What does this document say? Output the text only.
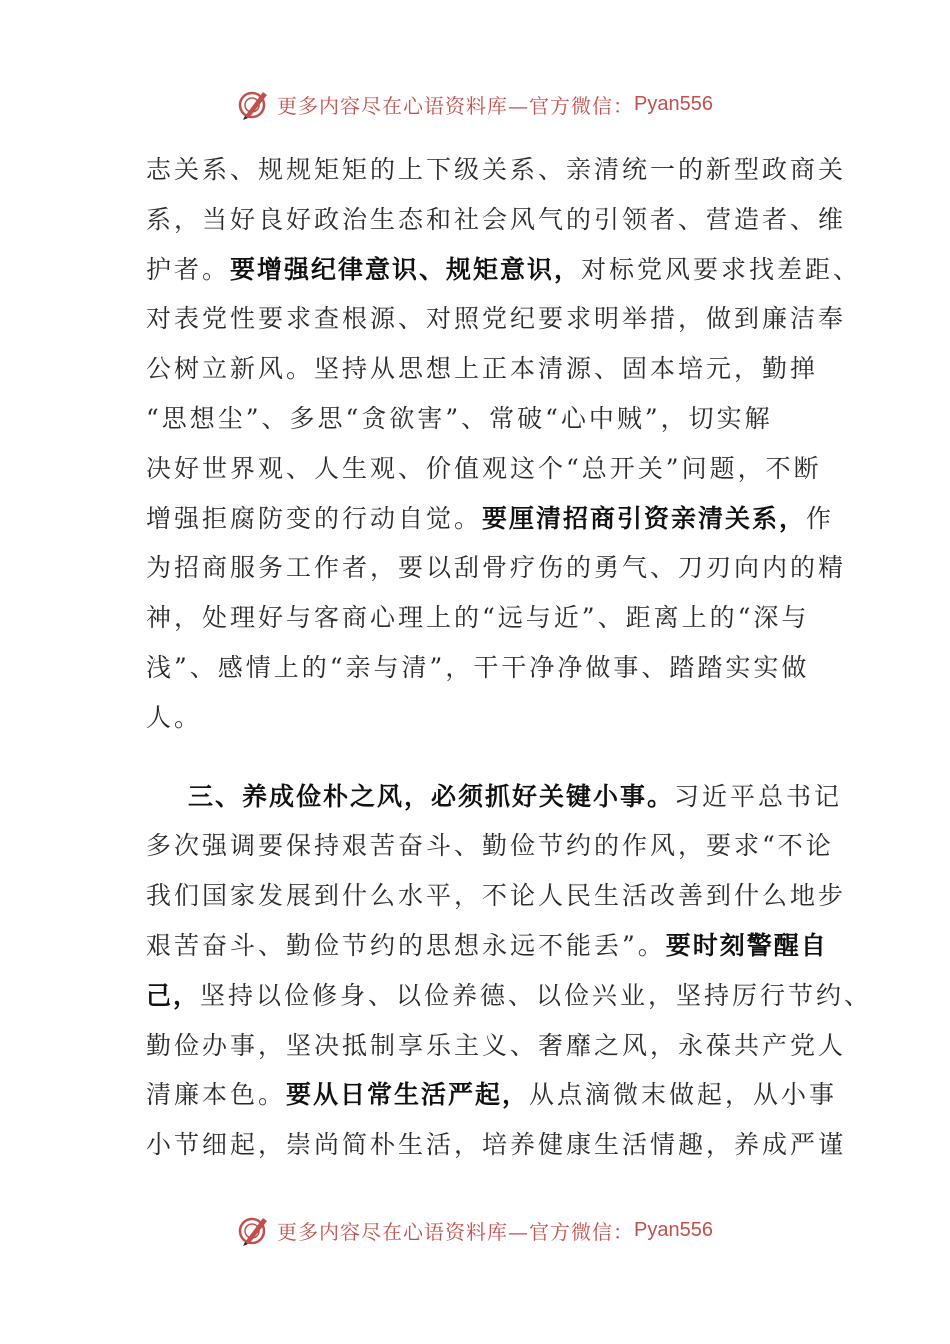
更多内容尽在心语资料库—官方微信： Pyan556
志关系、规规矩矩的上下级关系、亲清统一的新型政商关
系，当好良好政治生态和社会风气的引领者、营造者、维
护者。要增强纪律意识、规矩意识，对标党风要求找差距、
对表党性要求查根源、对照党纪要求明举措，做到廉洁奉
公树立新风。坚持从思想上正本清源、固本培元，勤掸
“思想尘”、多思“贪欲害”、常破“心中贼”，切实解
决好世界观、人生观、价值观这个“总开关”问题，不断
增强拒腐防变的行动自觉。要厘清招商引资亲清关系，作
为招商服务工作者，要以刮骨疗伤的勇气、刀刃向内的精
神，处理好与客商心理上的“远与近”、距离上的“深与
浅”、感情上的“亲与清”，干干净净做事、踏踏实实做
人。
三、养成俭朴之风，必须抓好关键小事。习近平总书记
多次强调要保持艰苦奋斗、勤俭节约的作风，要求“不论
我们国家发展到什么水平，不论人民生活改善到什么地步
艰苦奋斗、勤俭节约的思想永远不能丢”。要时刻警醒自
己，坚持以俭修身、以俭养德、以俭兴业，坚持厉行节约、
勤俭办事，坚决抵制享乐主义、奢靡之风，永葆共产党人
清廉本色。要从日常生活严起，从点滴微末做起，从小事
小节细起，崇尚简朴生活，培养健康生活情趣，养成严谨
更多内容尽在心语资料库—官方微信： Pyan556
